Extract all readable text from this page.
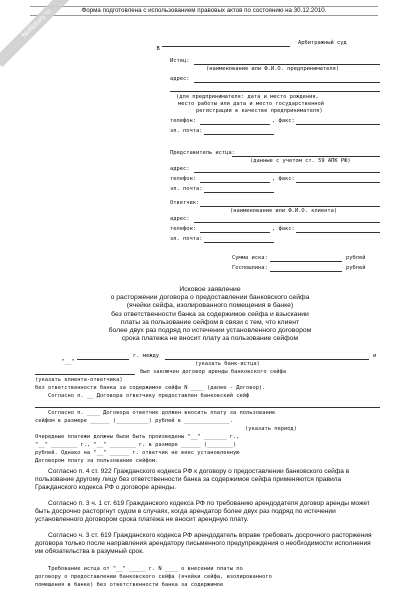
Форма подготовлена с использованием правовых актов по состоянию на 30.12.2010.
NoNotary.ru

В

Арбитражный суд

Истец:

(наименование или Ф.И.О. предпринимателя)

адрес:

(для предпринимателя: дата и место рождения,

место работы или дата и место государственной

регистрации в качестве предпринимателя)

телефон:

	, факс:

эл. почта:

Представитель истца:

(данные с учетом ст. 59 АПК РФ)

адрес:

телефон:

	, факс:

эл. почта:

Ответчик:

(наименование или Ф.И.О. клиента)

адрес:

телефон:

	, факс:

эл. почта:

Сумма иска:

	рублей

Госпошлина:

	рублей

Исковое заявление
о расторжении договора о предоставлении банковского сейфа
(ячейки сейфа, изолированного помещения в банке)
без ответственности банка за содержимое сейфа и взыскании
платы за пользование сейфом в связи с тем, что клиент
более двух раз подряд по истечении установленного договором
срока платежа не вносит плату за пользование сейфом

"__"

г. между

	и

(указать банк-истца)
был заключен договор аренды банковского сейфа
(указать клиента-ответчика)
без ответственности банка за содержимое сейфа N ____ (далее - Договор).
Согласно п. __ Договора ответчику предоставлен банковский сейф
Согласно п. ____ Договора ответчик должен вносить плату за пользование
сейфом в размере ______ (__________) рублей в ______________.
(указать период)
Очередные платежи должны были быть произведены "__" _______ г.,
"__" ________ г., "__" ________ г. в размере ______ (________)
рублей. Однако на "__" ______ г. ответчик не внес установленную
Договором плату за пользование сейфом.
Согласно п. 4 ст. 922 Гражданского кодекса РФ к договору о предоставлении банковского сейфа в пользование другому лицу без ответственности банка за содержимое сейфа применяются правила Гражданского кодекса РФ о договоре аренды.
Согласно п. 3 ч. 1 ст. 619 Гражданского кодекса РФ по требованию арендодателя договор аренды может быть досрочно расторгнут судом в случаях, когда арендатор более двух раз подряд по истечении установленного договором срока платежа не вносит арендную плату.
Согласно ч. 3 ст. 619 Гражданского кодекса РФ арендодатель вправе требовать досрочного расторжения договора только после направления арендатору письменного предупреждения о необходимости исполнения им обязательства в разумный срок.
Требование истца от "__" _____ г. N ____ о внесении платы по
договору о предоставлении банковского сейфа (ячейки сейфа, изолированного
помещения в банке) без ответственности банка за содержимое
